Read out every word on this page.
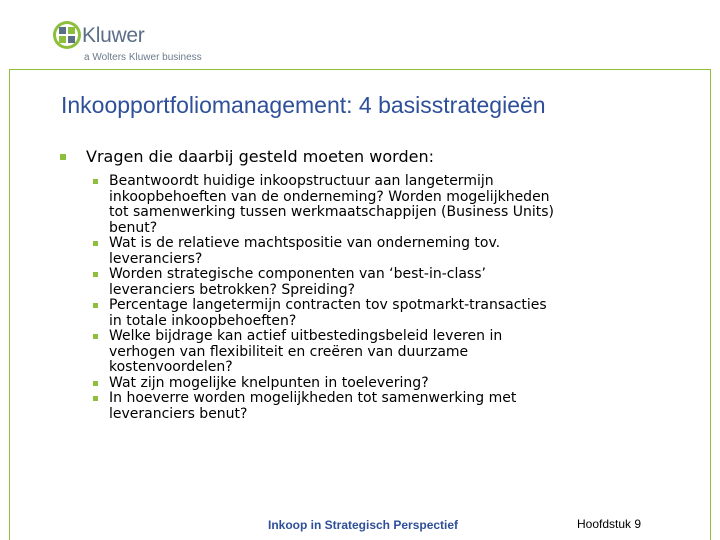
Kluwer
a Wolters Kluwer business
Inkoopportfoliomanagement: 4 basisstrategieën
Vragen die daarbij gesteld moeten worden:
Beantwoordt huidige inkoopstructuur aan langetermijn
inkoopbehoeften van de onderneming? Worden mogelijkheden
tot samenwerking tussen werkmaatschappijen (Business Units)
benut?
Wat is de relatieve machtspositie van onderneming tov.
leveranciers?
Worden strategische componenten van ‘best-in-class’
leveranciers betrokken? Spreiding?
Percentage langetermijn contracten tov spotmarkt-transacties
in totale inkoopbehoeften?
Welke bijdrage kan actief uitbestedingsbeleid leveren in
verhogen van flexibiliteit en creëren van duurzame
kostenvoordelen?
Wat zijn mogelijke knelpunten in toelevering?
In hoeverre worden mogelijkheden tot samenwerking met
leveranciers benut?
Inkoop in Strategisch Perspectief	Hoofdstuk 9
